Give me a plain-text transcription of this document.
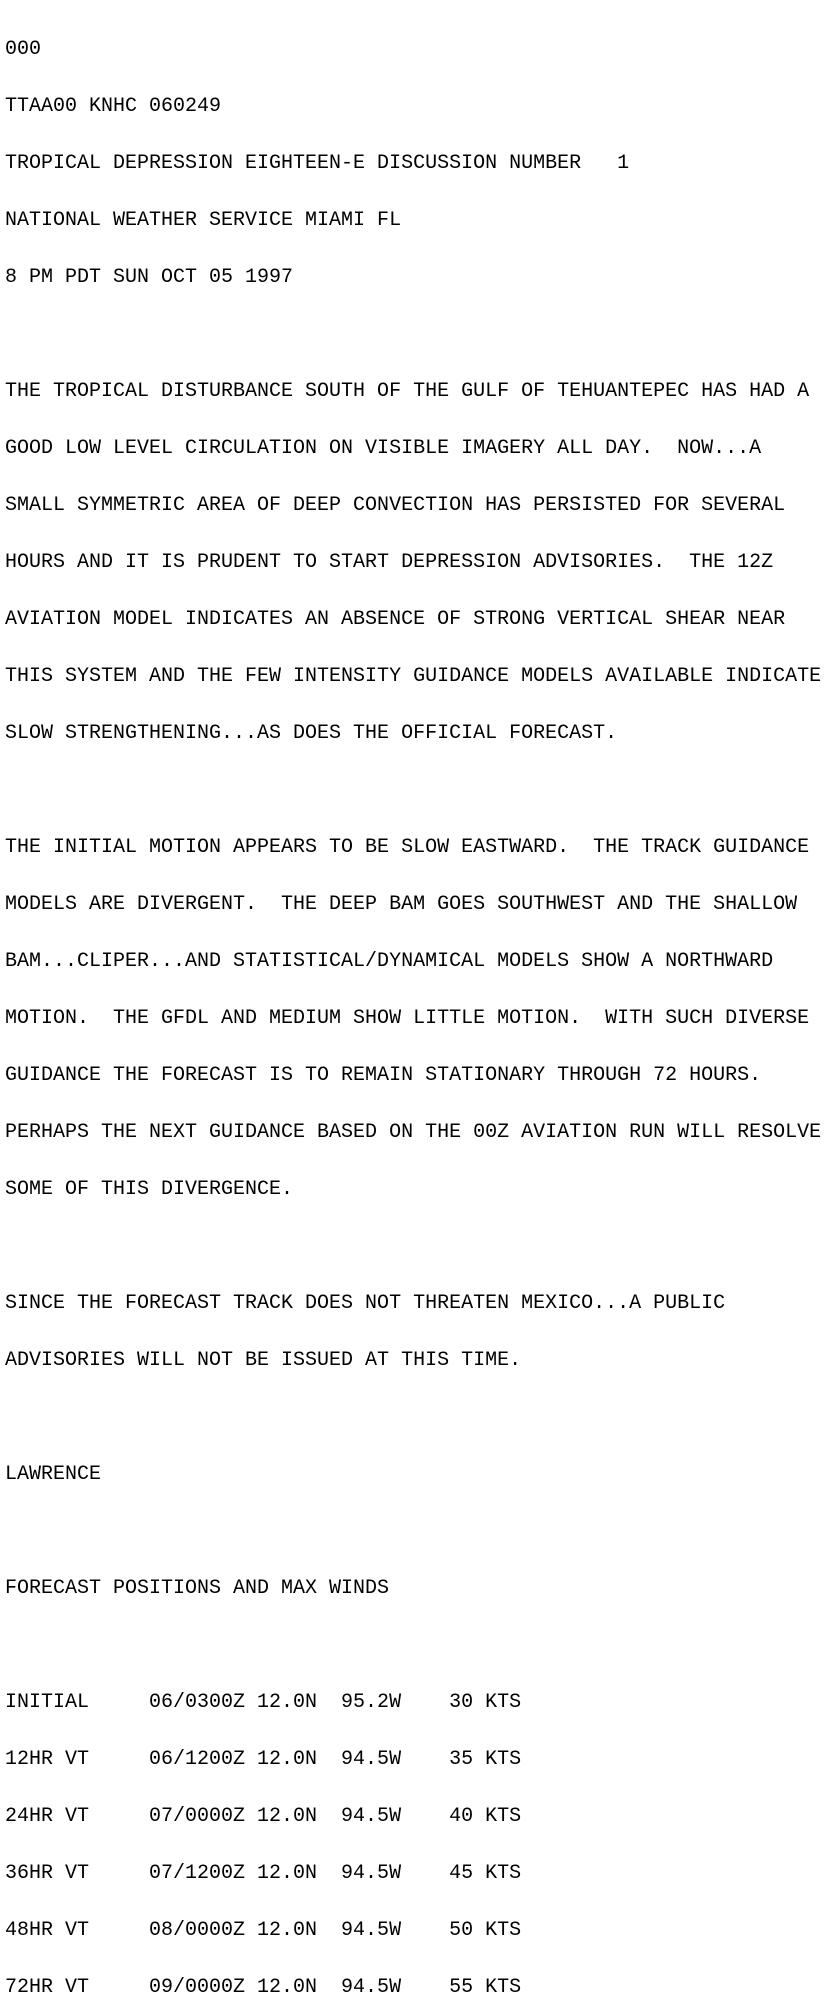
000

TTAA00 KNHC 060249

TROPICAL DEPRESSION EIGHTEEN-E DISCUSSION NUMBER   1

NATIONAL WEATHER SERVICE MIAMI FL

8 PM PDT SUN OCT 05 1997

THE TROPICAL DISTURBANCE SOUTH OF THE GULF OF TEHUANTEPEC HAS HAD A

GOOD LOW LEVEL CIRCULATION ON VISIBLE IMAGERY ALL DAY.  NOW...A

SMALL SYMMETRIC AREA OF DEEP CONVECTION HAS PERSISTED FOR SEVERAL

HOURS AND IT IS PRUDENT TO START DEPRESSION ADVISORIES.  THE 12Z

AVIATION MODEL INDICATES AN ABSENCE OF STRONG VERTICAL SHEAR NEAR

THIS SYSTEM AND THE FEW INTENSITY GUIDANCE MODELS AVAILABLE INDICATE

SLOW STRENGTHENING...AS DOES THE OFFICIAL FORECAST.

THE INITIAL MOTION APPEARS TO BE SLOW EASTWARD.  THE TRACK GUIDANCE

MODELS ARE DIVERGENT.  THE DEEP BAM GOES SOUTHWEST AND THE SHALLOW

BAM...CLIPER...AND STATISTICAL/DYNAMICAL MODELS SHOW A NORTHWARD

MOTION.  THE GFDL AND MEDIUM SHOW LITTLE MOTION.  WITH SUCH DIVERSE

GUIDANCE THE FORECAST IS TO REMAIN STATIONARY THROUGH 72 HOURS.

PERHAPS THE NEXT GUIDANCE BASED ON THE 00Z AVIATION RUN WILL RESOLVE

SOME OF THIS DIVERGENCE.

SINCE THE FORECAST TRACK DOES NOT THREATEN MEXICO...A PUBLIC

ADVISORIES WILL NOT BE ISSUED AT THIS TIME.

LAWRENCE

FORECAST POSITIONS AND MAX WINDS

INITIAL     06/0300Z 12.0N  95.2W    30 KTS

12HR VT     06/1200Z 12.0N  94.5W    35 KTS

24HR VT     07/0000Z 12.0N  94.5W    40 KTS

36HR VT     07/1200Z 12.0N  94.5W    45 KTS

48HR VT     08/0000Z 12.0N  94.5W    50 KTS

72HR VT     09/0000Z 12.0N  94.5W    55 KTS
